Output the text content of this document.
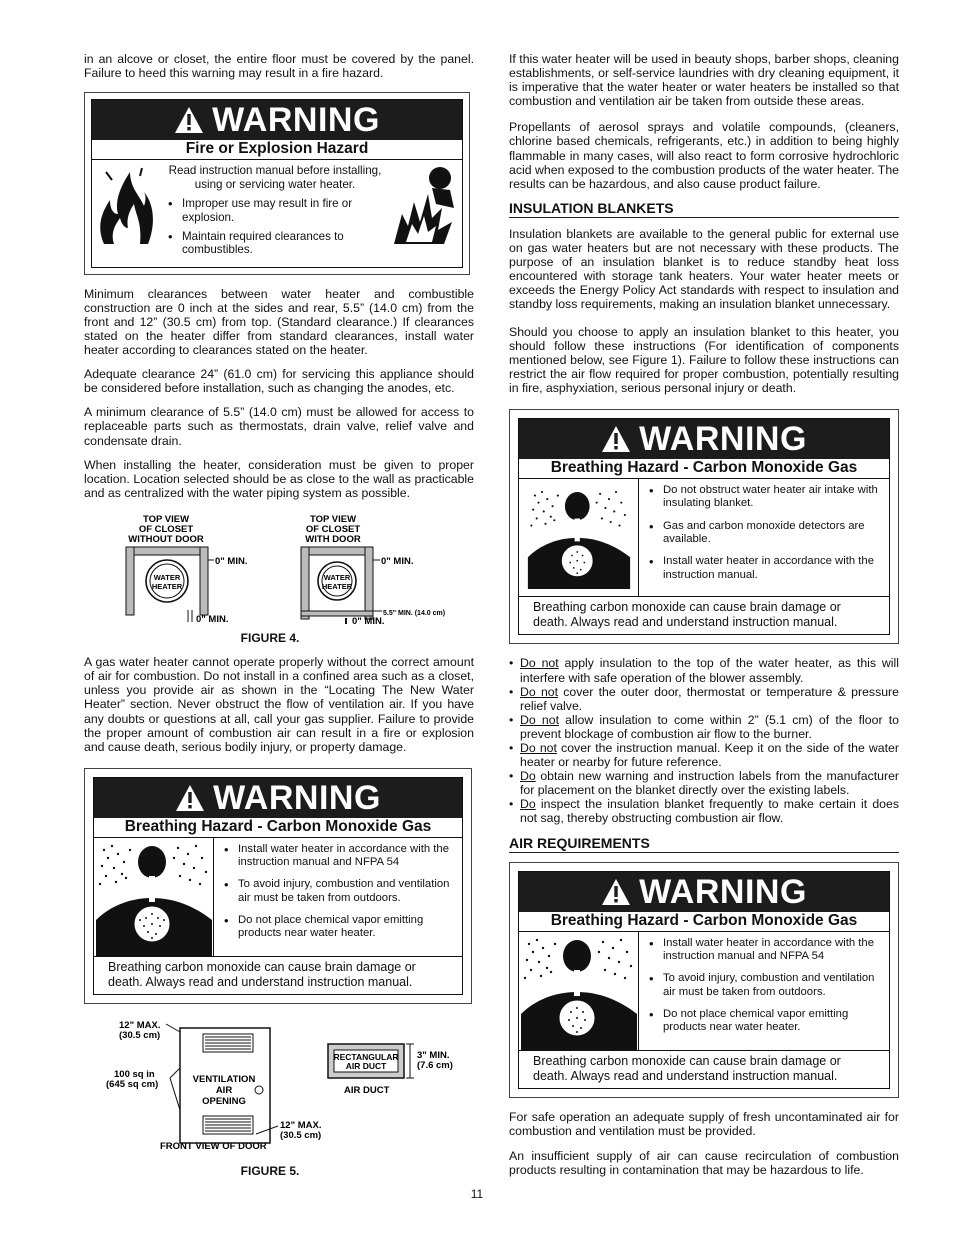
in an alcove or closet, the entire floor must be covered by the panel. Failure to heed this warning may result in a fire hazard.

WARNING
Fire or Explosion Hazard
Read instruction manual before installing, using or servicing water heater.
• Improper use may result in fire or explosion.
• Maintain required clearances to combustibles.

Minimum clearances between water heater and combustible construction are 0 inch at the sides and rear, 5.5” (14.0 cm) from the front and 12” (30.5 cm) from top. (Standard clearance.) If clearances stated on the heater differ from standard clearances, install water heater according to clearances stated on the heater.

Adequate clearance 24” (61.0 cm) for servicing this appliance should be considered before installation, such as changing the anodes, etc.

A minimum clearance of 5.5” (14.0 cm) must be allowed for access to replaceable parts such as thermostats, drain valve, relief valve and condensate drain.

When installing the heater, consideration must be given to proper location. Location selected should be as close to the wall as practicable and as centralized with the water piping system as possible.

TOP VIEW
OF CLOSET
WITHOUT DOOR
TOP VIEW
OF CLOSET
WITH DOOR
WATER
HEATER
0" MIN.
0" MIN.
WATER
HEATER
0" MIN.
5.5" MIN. (14.0 cm)
0" MIN.
FIGURE 4.

A gas water heater cannot operate properly without the correct amount of air for combustion. Do not install in a confined area such as a closet, unless you provide air as shown in the “Locating The New Water Heater” section. Never obstruct the flow of ventilation air. If you have any doubts or questions at all, call your gas supplier. Failure to provide the proper amount of combustion air can result in a fire or explosion and cause death, serious bodily injury, or property damage.

WARNING
Breathing Hazard - Carbon Monoxide Gas
• Install water heater in accordance with the instruction manual and NFPA 54
• To avoid injury, combustion and ventilation air must be taken from outdoors.
• Do not place chemical vapor emitting products near water heater.
Breathing carbon monoxide can cause brain damage or death. Always read and understand instruction manual.
12" MAX.
(30.5 cm)
100 sq in
(645 sq cm)
12" MAX.
(30.5 cm)
FRONT VIEW OF DOOR
3" MIN.
(7.6 cm)
AIR DUCT
VENTILATION
AIR
OPENING
RECTANGULAR
AIR DUCT
FIGURE 5.

If this water heater will be used in beauty shops, barber shops, cleaning establishments, or self-service laundries with dry cleaning equipment, it is imperative that the water heater or water heaters be installed so that combustion and ventilation air be taken from outside these areas.

Propellants of aerosol sprays and volatile compounds, (cleaners, chlorine based chemicals, refrigerants, etc.) in addition to being highly flammable in many cases, will also react to form corrosive hydrochloric acid when exposed to the combustion products of the water heater. The results can be hazardous, and also cause product failure.

INSULATION BLANKETS

Insulation blankets are available to the general public for external use on gas water heaters but are not necessary with these products. The purpose of an insulation blanket is to reduce standby heat loss encountered with storage tank heaters. Your water heater meets or exceeds the Energy Policy Act standards with respect to insulation and standby loss requirements, making an insulation blanket unnecessary.

Should you choose to apply an insulation blanket to this heater, you should follow these instructions (For identification of components mentioned below, see Figure 1). Failure to follow these instructions can restrict the air flow required for proper combustion, potentially resulting in fire, asphyxiation, serious personal injury or death.

WARNING
Breathing Hazard - Carbon Monoxide Gas
• Do not obstruct water heater air intake with insulating blanket.
• Gas and carbon monoxide detectors are available.
• Install water heater in accordance with the instruction manual.
Breathing carbon monoxide can cause brain damage or death. Always read and understand instruction manual.
• Do not apply insulation to the top of the water heater, as this will interfere with safe operation of the blower assembly.
• Do not cover the outer door, thermostat or temperature & pressure relief valve.
• Do not allow insulation to come within 2” (5.1 cm) of the floor to prevent blockage of combustion air flow to the burner.
• Do not cover the instruction manual. Keep it on the side of the water heater or nearby for future reference.
• Do obtain new warning and instruction labels from the manufacturer for placement on the blanket directly over the existing labels.
• Do inspect the insulation blanket frequently to make certain it does not sag, thereby obstructing combustion air flow.
AIR REQUIREMENTS
WARNING
Breathing Hazard - Carbon Monoxide Gas
• Install water heater in accordance with the instruction manual and NFPA 54
• To avoid injury, combustion and ventilation air must be taken from outdoors.
• Do not place chemical vapor emitting products near water heater.
Breathing carbon monoxide can cause brain damage or death. Always read and understand instruction manual.

For safe operation an adequate supply of fresh uncontaminated air for combustion and ventilation must be provided.

An insufficient supply of air can cause recirculation of combustion products resulting in contamination that may be hazardous to life.

11
